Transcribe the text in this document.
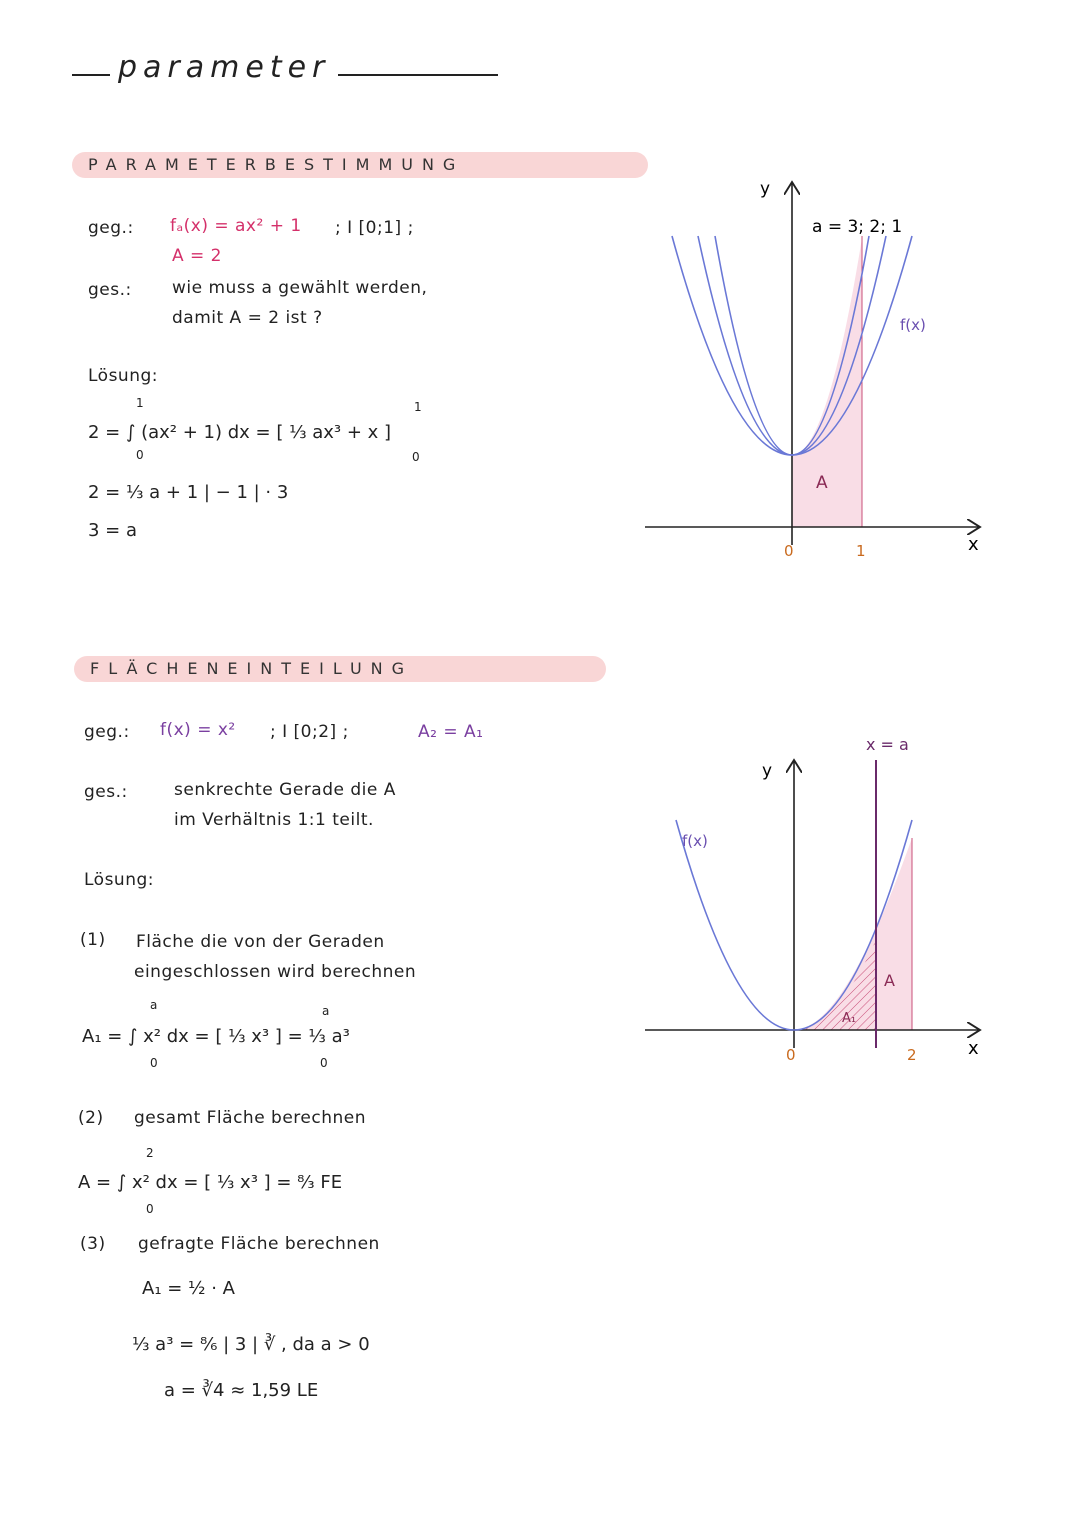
parameter
PARAMETERBESTIMMUNG
geg.: fₐ(x) = ax² + 1 ; I [0;1] ;
A = 2
ges.: wie muss a gewählt werden,
damit A = 2 ist ?
Lösung:
1
2 = ∫ (ax² + 1) dx = [ ⅓ ax³ + x ]
0
1
0
2 = ⅓ a + 1 | − 1 | · 3
3 = a
y
x
a = 3; 2; 1
f(x)
A
0	1
FLÄCHENEINTEILUNG
geg.: f(x) = x² ; I [0;2] ;	A₂ = A₁
ges.:	senkrechte Gerade die A
im Verhältnis 1:1 teilt.
Lösung:
(1) Fläche die von der Geraden
eingeschlossen wird berechnen
a	a
A₁ = ∫ x² dx = [ ⅓ x³ ] = ⅓ a³
0	0
(2) gesamt Fläche berechnen
2
A = ∫ x² dx = [ ⅓ x³ ] = ⁸⁄₃ FE
0
(3) gefragte Fläche berechnen
A₁ = ½ · A
⅓ a³ = ⁸⁄₆ | 3 | ∛ , da a > 0
a = ∛4 ≈ 1,59 LE
y
x
x = a
f(x)
A
A₁
0	2
